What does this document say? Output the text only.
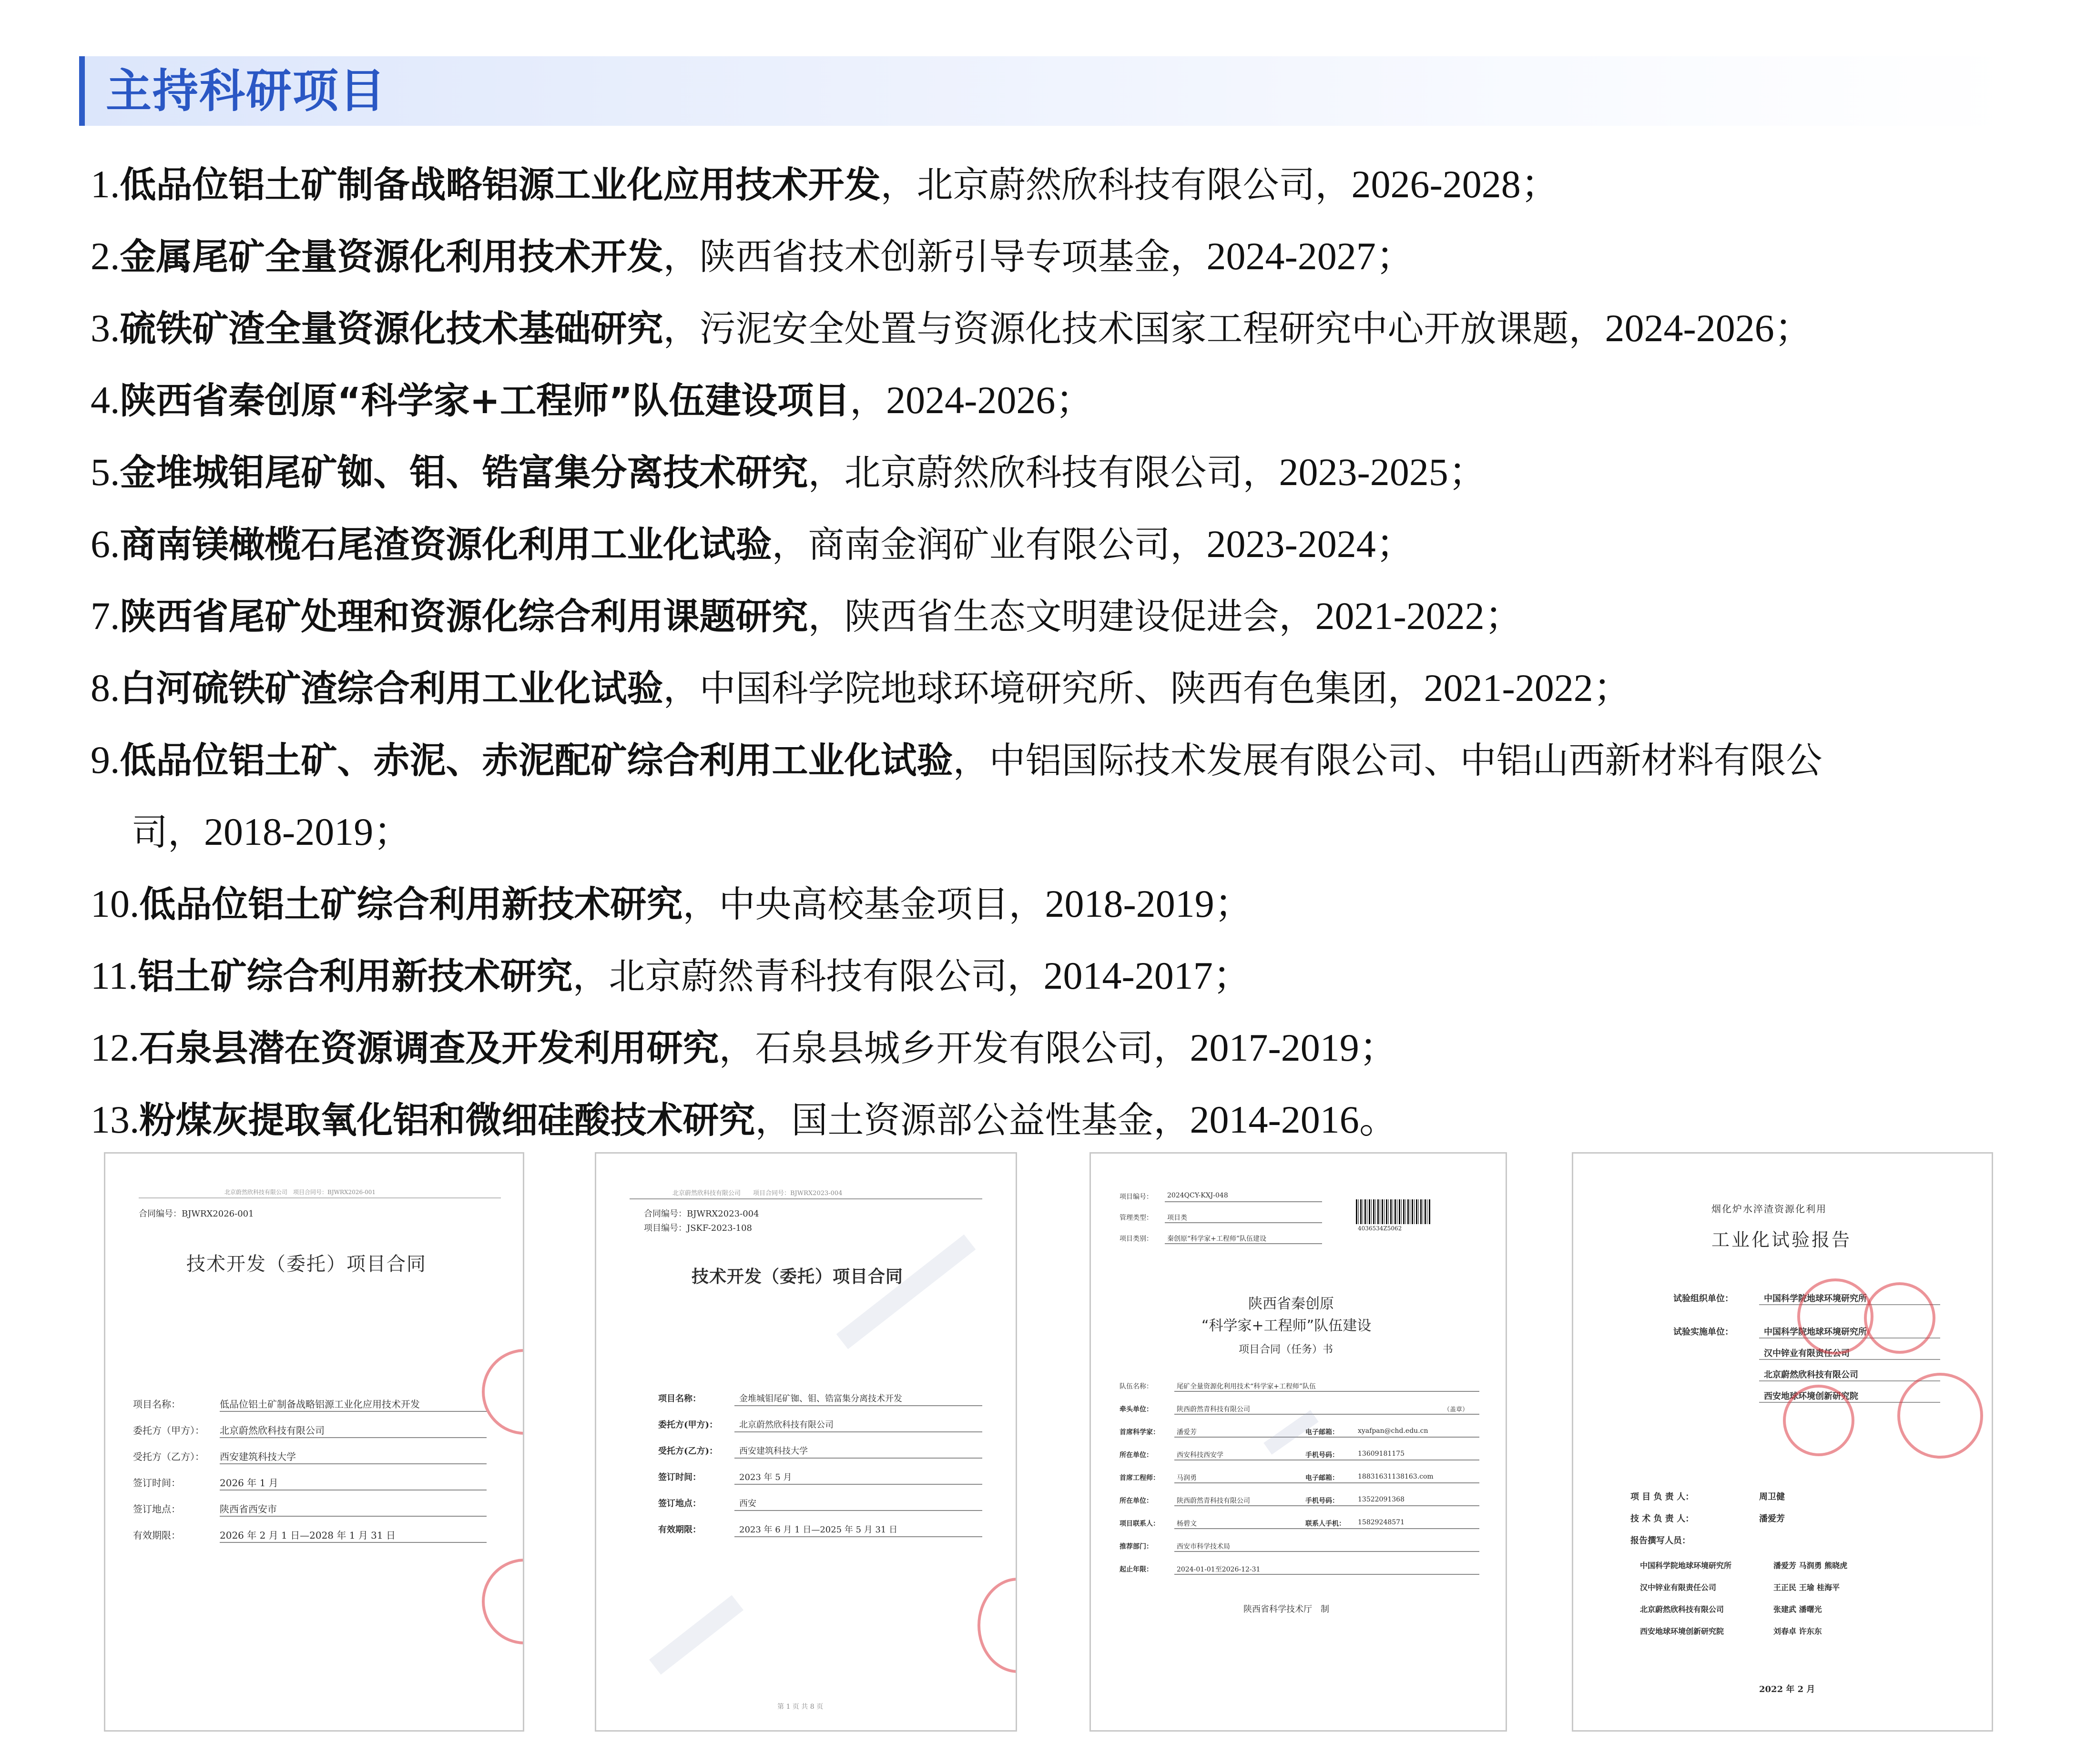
主持科研项目
1.低品位铝土矿制备战略铝源工业化应用技术开发，北京蔚然欣科技有限公司，2026-2028；
2.金属尾矿全量资源化利用技术开发，陕西省技术创新引导专项基金，2024-2027；
3.硫铁矿渣全量资源化技术基础研究，污泥安全处置与资源化技术国家工程研究中心开放课题，2024-2026；
4.陕西省秦创原“科学家+工程师”队伍建设项目，2024-2026；
5.金堆城钼尾矿铷、钼、锆富集分离技术研究，北京蔚然欣科技有限公司，2023-2025；
6.商南镁橄榄石尾渣资源化利用工业化试验，商南金润矿业有限公司，2023-2024；
7.陕西省尾矿处理和资源化综合利用课题研究，陕西省生态文明建设促进会，2021-2022；
8.白河硫铁矿渣综合利用工业化试验，中国科学院地球环境研究所、陕西有色集团，2021-2022；
9.低品位铝土矿、赤泥、赤泥配矿综合利用工业化试验，中铝国际技术发展有限公司、中铝山西新材料有限公
司，2018-2019；
10.低品位铝土矿综合利用新技术研究，中央高校基金项目，2018-2019；
11.铝土矿综合利用新技术研究，北京蔚然青科技有限公司，2014-2017；
12.石泉县潜在资源调查及开发利用研究，石泉县城乡开发有限公司，2017-2019；
13.粉煤灰提取氧化铝和微细硅酸技术研究，国土资源部公益性基金，2014-2016。
北京蔚然欣科技有限公司　项目合同号：BJWRX2026-001
合同编号：BJWRX2026-001
技术开发（委托）项目合同
项目名称：	低品位铝土矿制备战略铝源工业化应用技术开发
委托方（甲方）： 北京蔚然欣科技有限公司
受托方（乙方）： 西安建筑科技大学
签订时间：	2026 年 1 月
签订地点：	陕西省西安市
有效期限：	2026 年 2 月 1 日—2028 年 1 月 31 日
北京蔚然欣科技有限公司　　项目合同号：BJWRX2023-004
合同编号：BJWRX2023-004
项目编号：JSKF-2023-108
技术开发（委托）项目合同
项目名称：	金堆城钼尾矿铷、钼、锆富集分离技术开发
委托方(甲方)： 北京蔚然欣科技有限公司
受托方(乙方)： 西安建筑科技大学
签订时间：	2023 年 5 月
签订地点：	西安
有效期限：	2023 年 6 月 1 日—2025 年 5 月 31 日
第 1 页 共 8 页
项目编号： 2024QCY-KXJ-048
管理类型： 项目类
项目类别： 秦创原“科学家+工程师”队伍建设
4036534Z5062
陕西省秦创原
“科学家+工程师”队伍建设
项目合同（任务）书
队伍名称：	尾矿全量资源化利用技术“科学家+工程师”队伍
牵头单位：	陕西蔚然青科技有限公司	（盖章）
首席科学家：	潘爱芳	电子邮箱：	xyafpan@chd.edu.cn
所在单位：	西安科技西安学	手机号码：	13609181175
首席工程师：	马润勇	电子邮箱：	18831631138163.com
所在单位：	陕西蔚然青科技有限公司	手机号码：	13522091368
项目联系人：	杨碧文	联系人手机： 15829248571
推荐部门：	西安市科学技术局
起止年限：	2024-01-01至2026-12-31
陕西省科学技术厅　制
烟化炉水淬渣资源化利用
工业化试验报告
试验组织单位：	中国科学院地球环境研究所
试验实施单位：	中国科学院地球环境研究所
汉中锌业有限责任公司
北京蔚然欣科技有限公司
西安地球环境创新研究院
项 目 负 责 人：	周卫健
技 术 负 责 人：	潘爱芳
报告撰写人员：
中国科学院地球环境研究所	潘爱芳 马润勇 熊晓虎
汉中锌业有限责任公司	王正民 王瑜 桂海平
北京蔚然欣科技有限公司	张建武 潘曙光
西安地球环境创新研究院	刘春卓 许东东
2022 年 2 月
